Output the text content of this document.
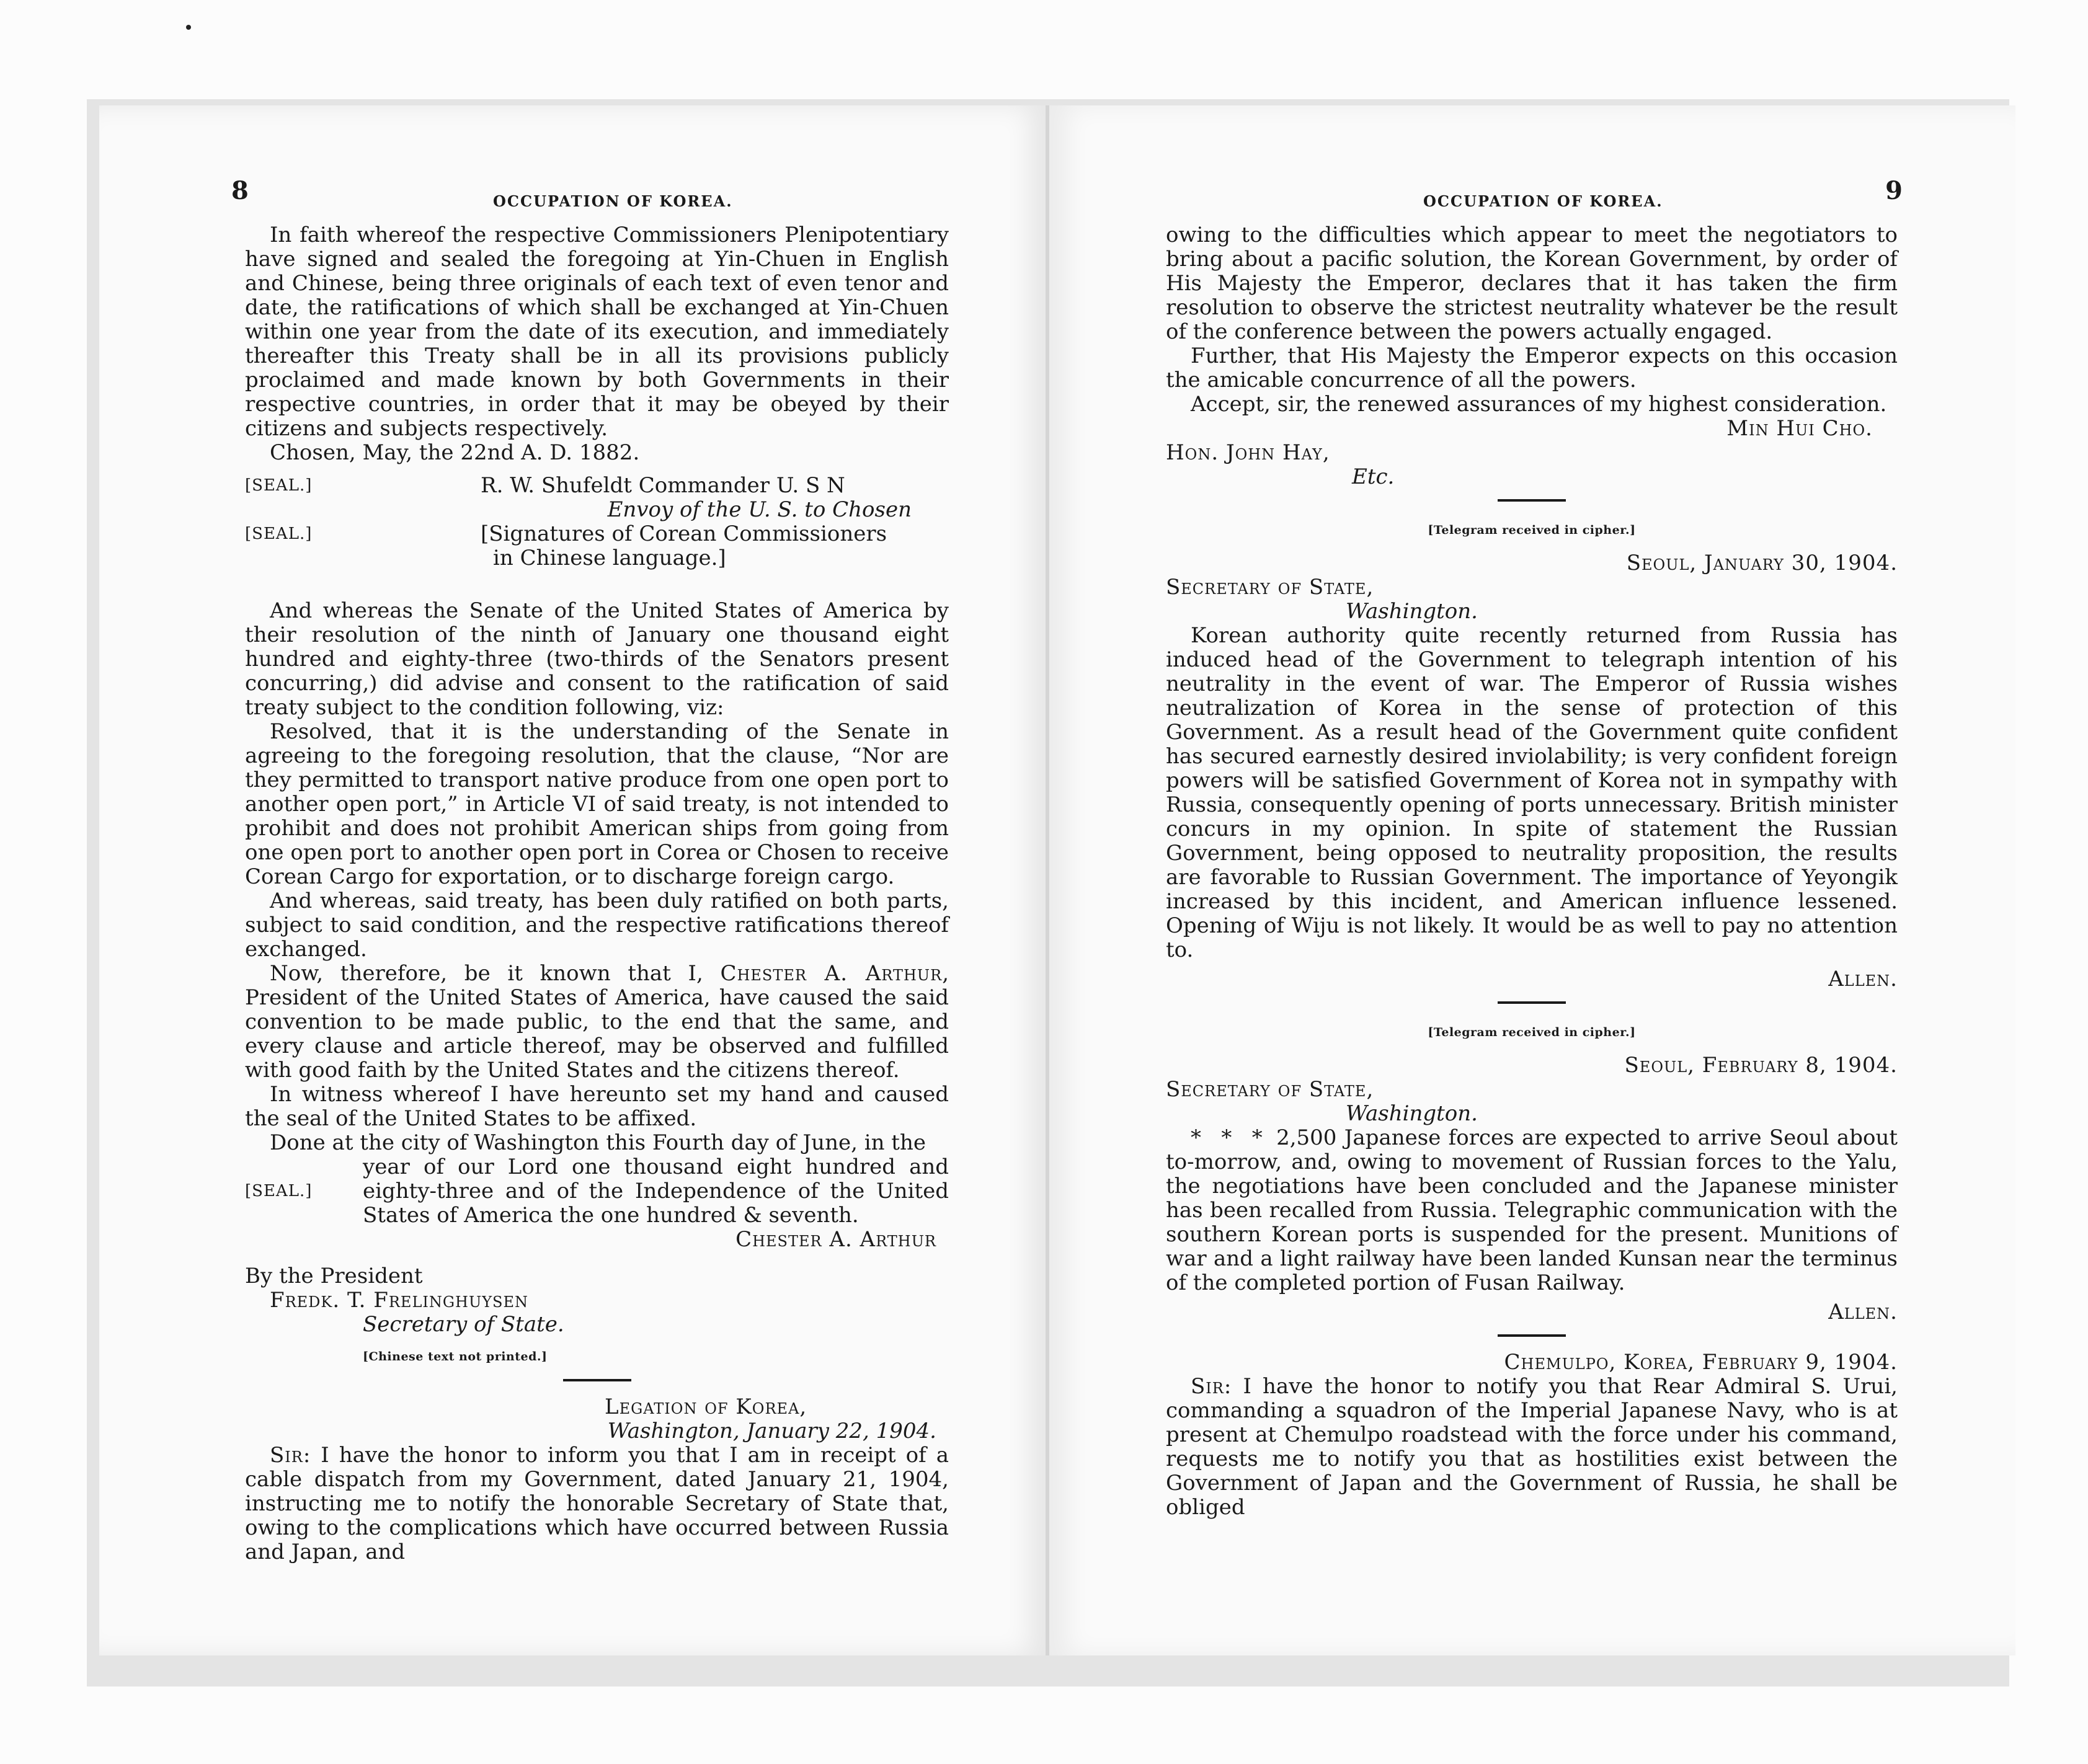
8	OCCUPATION OF KOREA.

In faith whereof the respective Commissioners Plenipotentiary have signed and sealed the foregoing at Yin-Chuen in English and Chinese, being three originals of each text of even tenor and date, the ratifications of which shall be exchanged at Yin-Chuen within one year from the date of its execution, and immediately thereafter this Treaty shall be in all its provisions publicly proclaimed and made known by both Governments in their respective countries, in order that it may be obeyed by their citizens and subjects respectively.

Chosen, May, the 22nd A. D. 1882.

[SEAL.]	R. W. Shufeldt Commander U. S N

Envoy of the U. S. to Chosen

[SEAL.]	[Signatures of Corean Commissioners

in Chinese language.]

And whereas the Senate of the United States of America by their resolution of the ninth of January one thousand eight hundred and eighty-three (two-thirds of the Senators present concurring,) did advise and consent to the ratification of said treaty subject to the condition following, viz:

Resolved, that it is the understanding of the Senate in agreeing to the foregoing resolution, that the clause, “Nor are they permitted to transport native produce from one open port to another open port,” in Article VI of said treaty, is not intended to prohibit and does not prohibit American ships from going from one open port to another open port in Corea or Chosen to receive Corean Cargo for exportation, or to discharge foreign cargo.

And whereas, said treaty, has been duly ratified on both parts, subject to said condition, and the respective ratifications thereof exchanged.

Now, therefore, be it known that I, Chester A. Arthur, President of the United States of America, have caused the said convention to be made public, to the end that the same, and every clause and article thereof, may be observed and fulfilled with good faith by the United States and the citizens thereof.

In witness whereof I have hereunto set my hand and caused the seal of the United States to be affixed.

Done at the city of Washington this Fourth day of June, in the

[SEAL.]
year of our Lord one thousand eight hundred and eighty-three and of the Independence of the United States of America the one hundred & seventh.

Chester A. Arthur

By the President

Fredk. T. Frelinghuysen

Secretary of State.

[Chinese text not printed.]

Legation of Korea,

Washington, January 22, 1904.

Sir: I have the honor to inform you that I am in receipt of a cable dispatch from my Government, dated January 21, 1904, instructing me to notify the honorable Secretary of State that, owing to the complications which have occurred between Russia and Japan, and

OCCUPATION OF KOREA.	9

owing to the difficulties which appear to meet the negotiators to bring about a pacific solution, the Korean Government, by order of His Majesty the Emperor, declares that it has taken the firm resolution to observe the strictest neutrality whatever be the result of the conference between the powers actually engaged.

Further, that His Majesty the Emperor expects on this occasion the amicable concurrence of all the powers.

Accept, sir, the renewed assurances of my highest consideration.

Min Hui Cho.

Hon. John Hay,

Etc.

[Telegram received in cipher.]

Seoul, January 30, 1904.

Secretary of State,

Washington.

Korean authority quite recently returned from Russia has induced head of the Government to telegraph intention of his neutrality in the event of war. The Emperor of Russia wishes neutralization of Korea in the sense of protection of this Government. As a result head of the Government quite confident has secured earnestly desired inviolability; is very confident foreign powers will be satisfied Government of Korea not in sympathy with Russia, consequently opening of ports unnecessary. British minister concurs in my opinion. In spite of statement the Russian Government, being opposed to neutrality proposition, the results are favorable to Russian Government. The importance of Yeyongik increased by this incident, and American influence lessened. Opening of Wiju is not likely. It would be as well to pay no attention to.

Allen.

[Telegram received in cipher.]

Seoul, February 8, 1904.

Secretary of State,

Washington.

* * * 2,500 Japanese forces are expected to arrive Seoul about to-morrow, and, owing to movement of Russian forces to the Yalu, the negotiations have been concluded and the Japanese minister has been recalled from Russia. Telegraphic communication with the southern Korean ports is suspended for the present. Munitions of war and a light railway have been landed Kunsan near the terminus of the completed portion of Fusan Railway.

Allen.

Chemulpo, Korea, February 9, 1904.

Sir: I have the honor to notify you that Rear Admiral S. Urui, commanding a squadron of the Imperial Japanese Navy, who is at present at Chemulpo roadstead with the force under his command, requests me to notify you that as hostilities exist between the Government of Japan and the Government of Russia, he shall be obliged
